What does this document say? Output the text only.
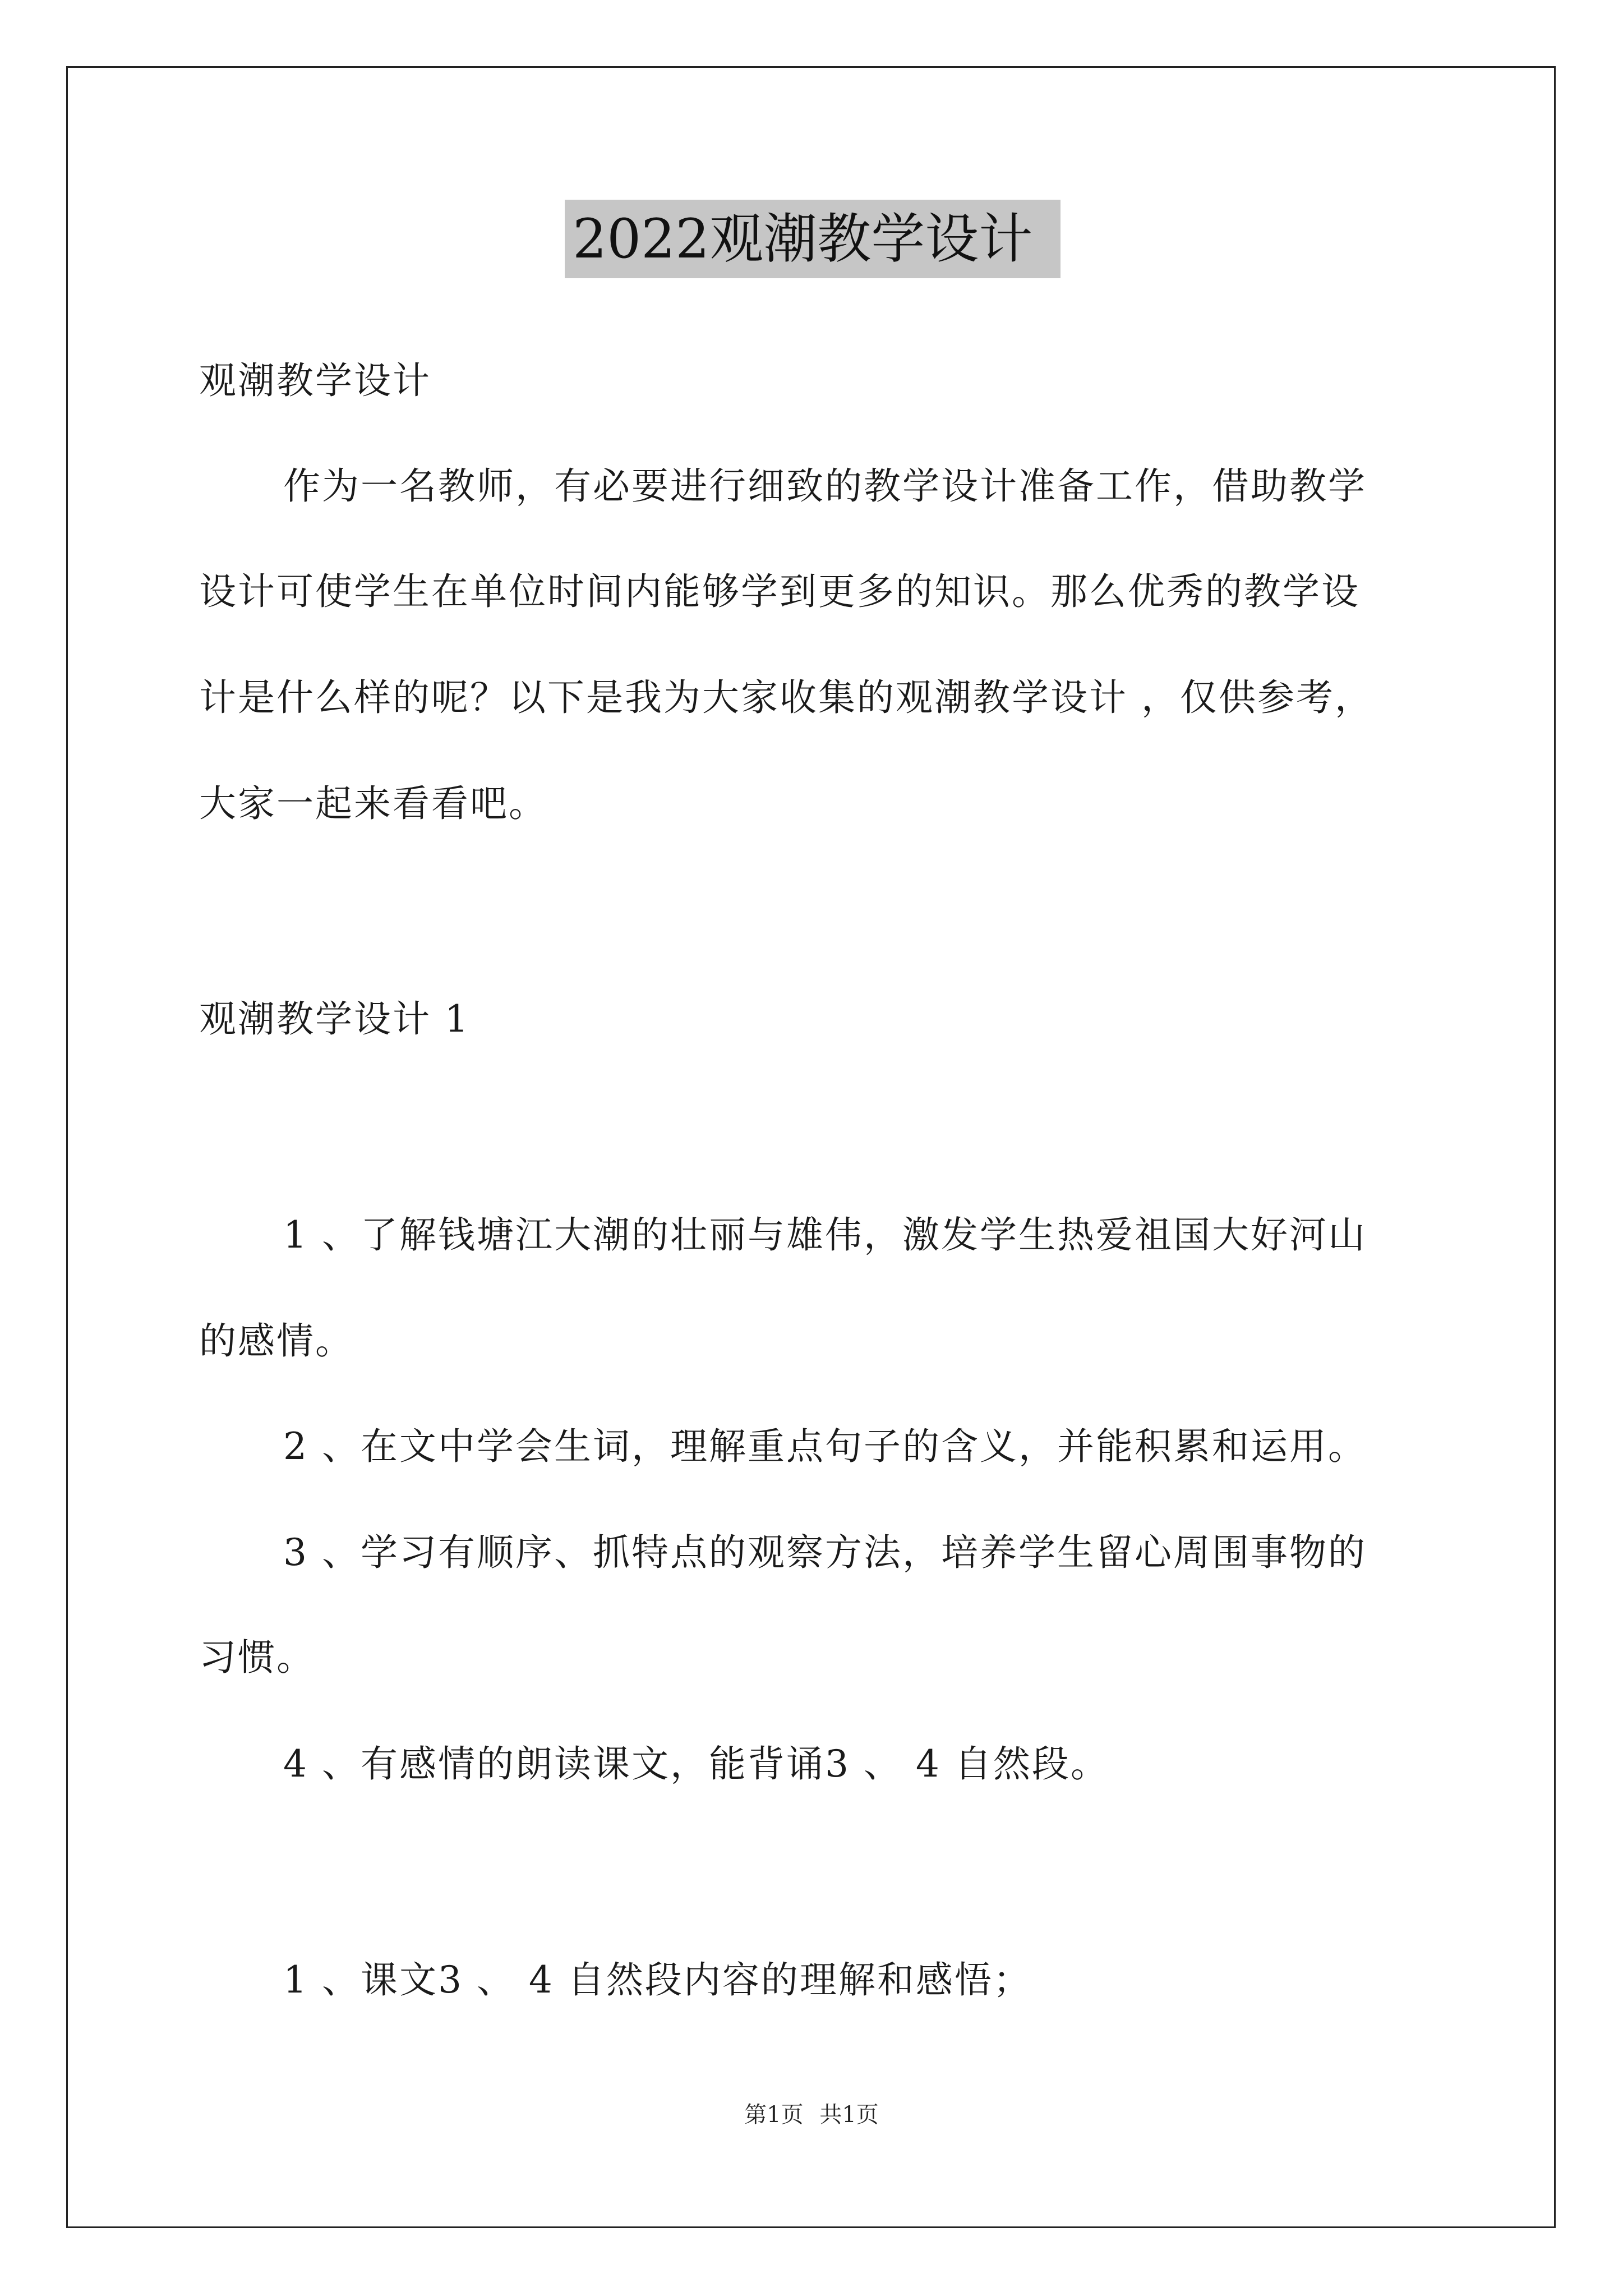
2022观潮教学设计
观潮教学设计
作为一名教师，有必要进行细致的教学设计准备工作，借助教学
设计可使学生在单位时间内能够学到更多的知识。那么优秀的教学设
计是什么样的呢？以下是我为大家收集的观潮教学设计 ，仅供参考，
大家一起来看看吧。
观潮教学设计 1
1 、了解钱塘江大潮的壮丽与雄伟，激发学生热爱祖国大好河山
的感情。
2 、在文中学会生词，理解重点句子的含义，并能积累和运用。
3 、学习有顺序、抓特点的观察方法，培养学生留心周围事物的
习惯。
4 、有感情的朗读课文，能背诵3 、 4 自然段。
1 、课文3 、 4 自然段内容的理解和感悟；
第1页 共1页
